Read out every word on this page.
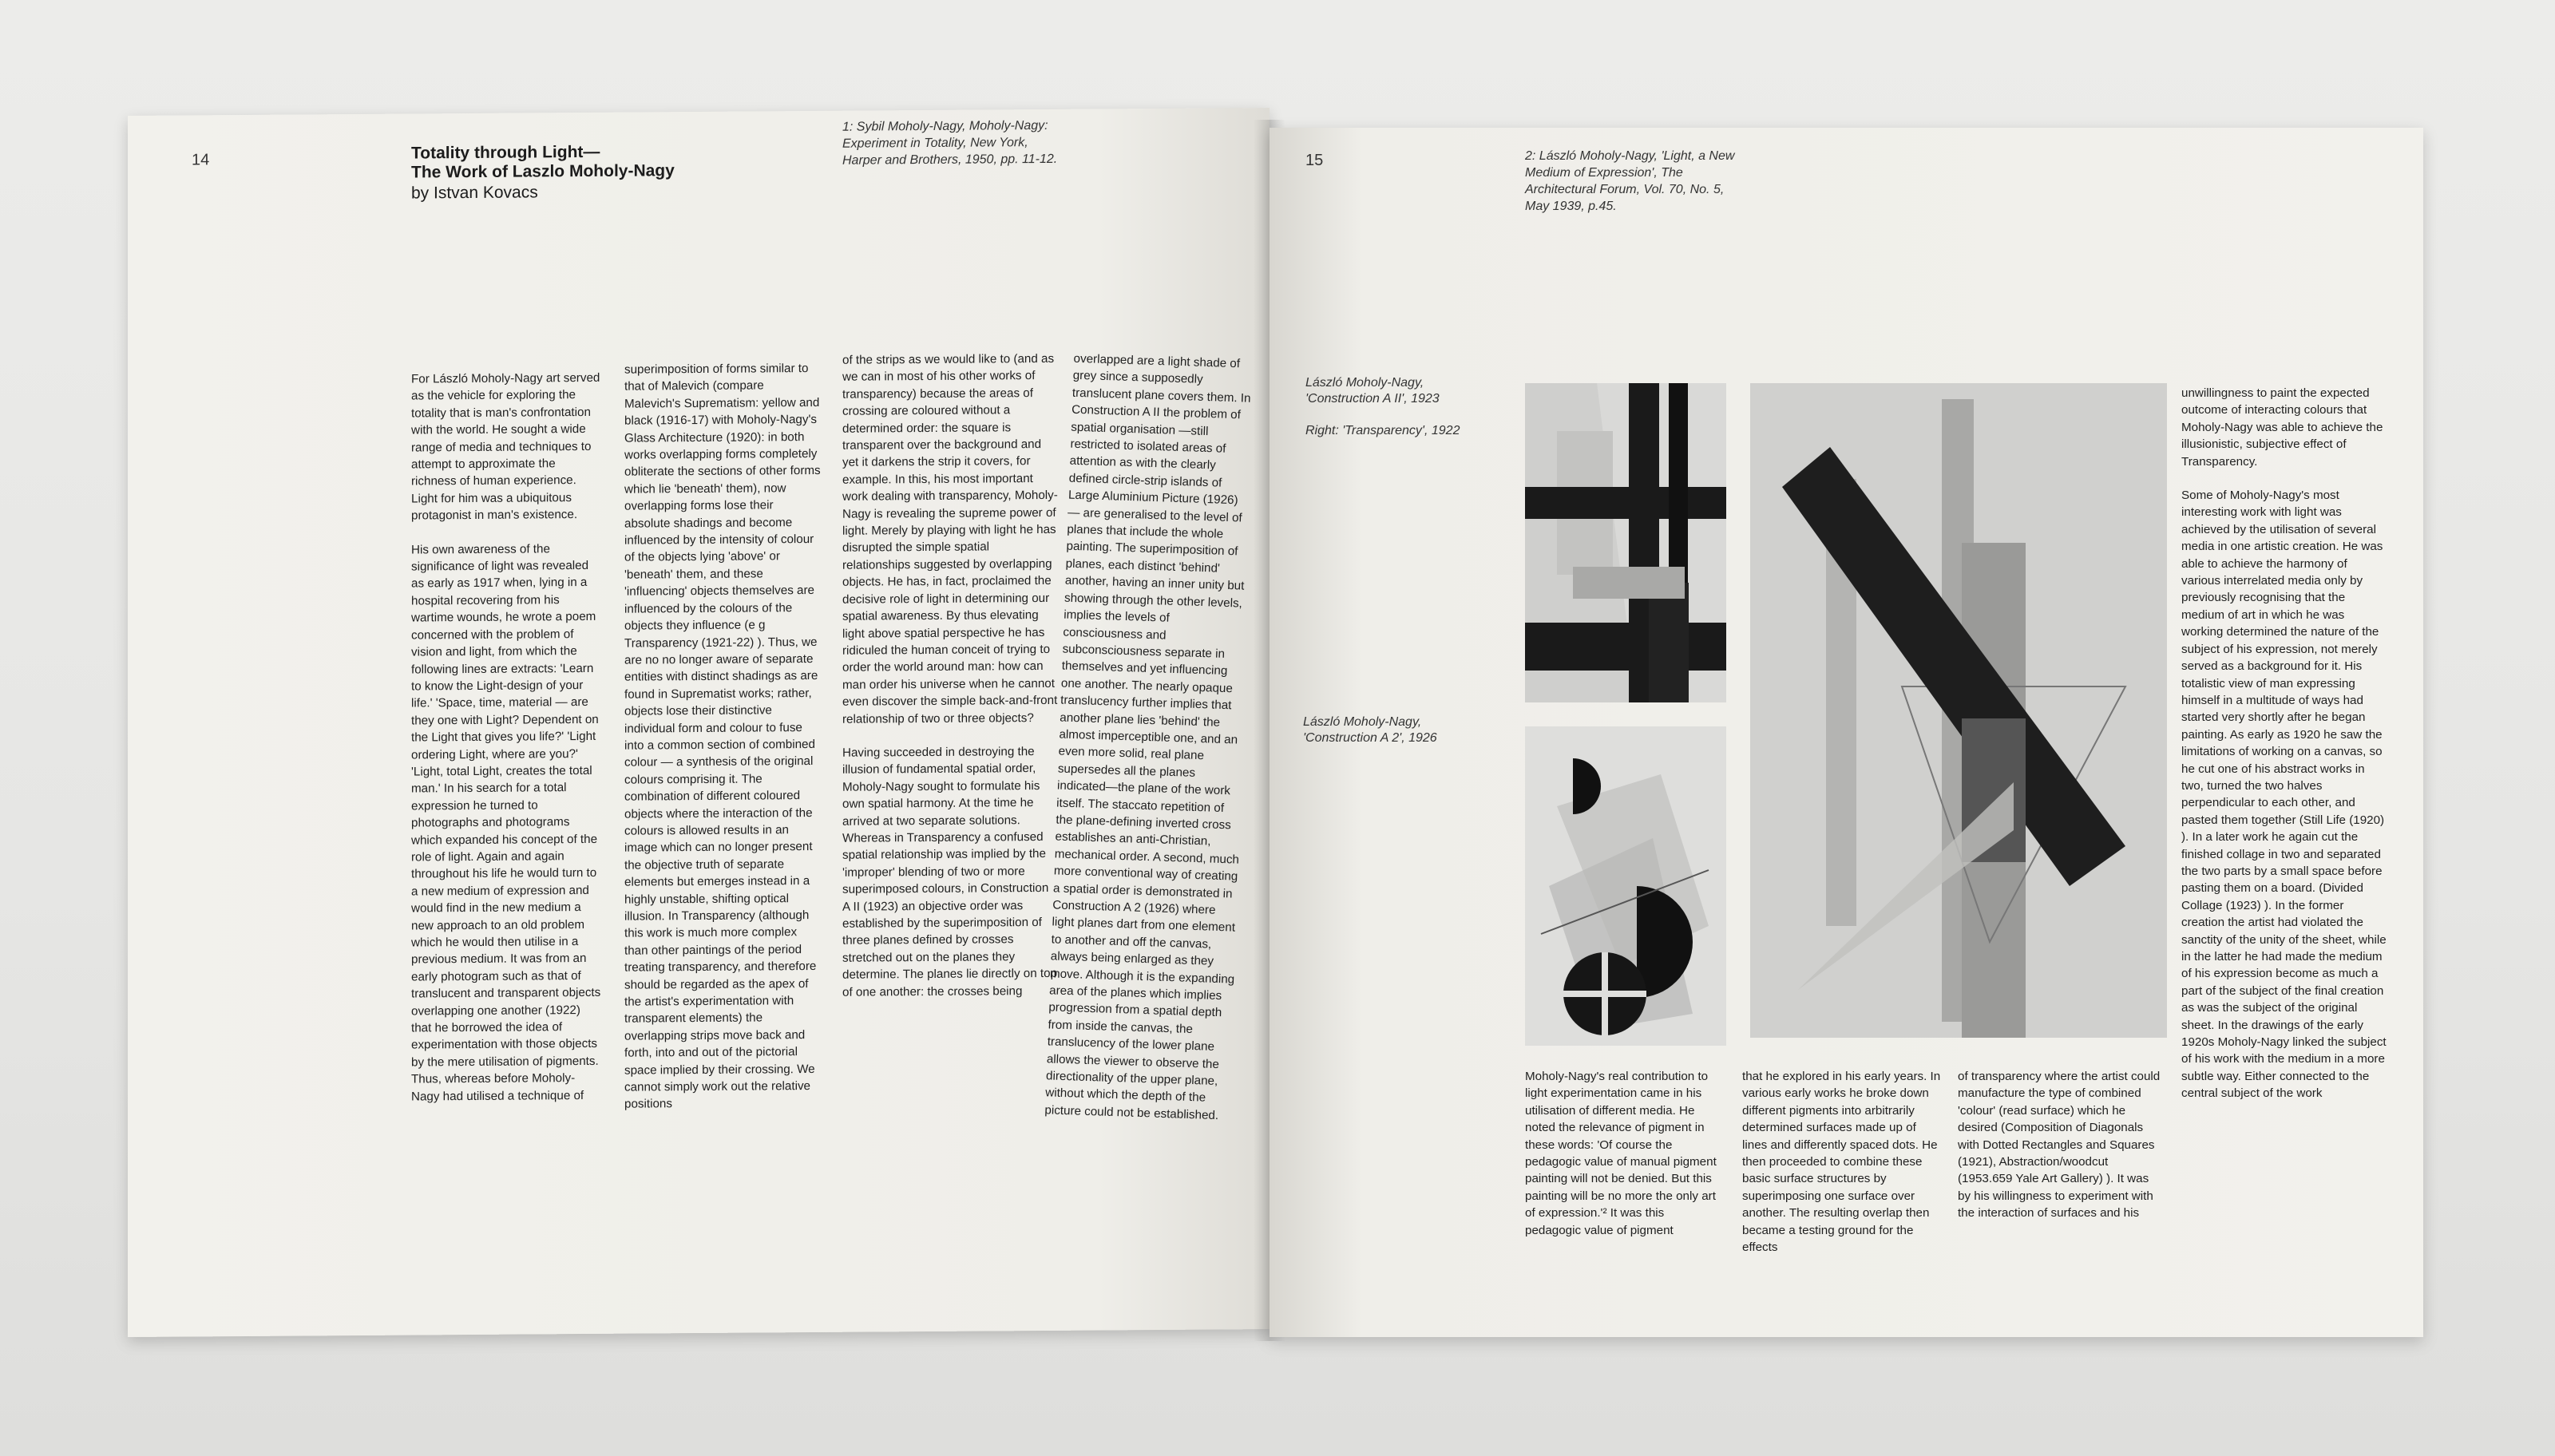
14	Totality through Light—
The Work of Laszlo Moholy-Nagy
by Istvan Kovacs
1: Sybil Moholy-Nagy, Moholy-Nagy: Experiment in Totality, New York, Harper and Brothers, 1950, pp. 11-12.

For László Moholy-Nagy art served as the vehicle for exploring the totality that is man's confrontation with the world. He sought a wide range of media and techniques to attempt to approximate the richness of human experience. Light for him was a ubiquitous protagonist in man's existence.

His own awareness of the significance of light was revealed as early as 1917 when, lying in a hospital recovering from his wartime wounds, he wrote a poem concerned with the problem of vision and light, from which the following lines are extracts: 'Learn to know the Light-design of your life.' 'Space, time, material — are they one with Light? Dependent on the Light that gives you life?' 'Light ordering Light, where are you?' 'Light, total Light, creates the total man.' In his search for a total expression he turned to photographs and photograms which expanded his concept of the role of light. Again and again throughout his life he would turn to a new medium of expression and would find in the new medium a new approach to an old problem which he would then utilise in a previous medium. It was from an early photogram such as that of translucent and transparent objects overlapping one another (1922) that he borrowed the idea of experimentation with those objects by the mere utilisation of pigments. Thus, whereas before Moholy-Nagy had utilised a technique of

superimposition of forms similar to that of Malevich (compare Malevich's Suprematism: yellow and black (1916-17) with Moholy-Nagy's Glass Architecture (1920): in both works overlapping forms completely obliterate the sections of other forms which lie 'beneath' them), now overlapping forms lose their absolute shadings and become influenced by the intensity of colour of the objects lying 'above' or 'beneath' them, and these 'influencing' objects themselves are influenced by the colours of the objects they influence (e g Transparency (1921-22) ). Thus, we are no no longer aware of separate entities with distinct shadings as are found in Suprematist works; rather, objects lose their distinctive individual form and colour to fuse into a common section of combined colour — a synthesis of the original colours comprising it. The combination of different coloured objects where the interaction of the colours is allowed results in an image which can no longer present the objective truth of separate elements but emerges instead in a highly unstable, shifting optical illusion. In Transparency (although this work is much more complex than other paintings of the period treating transparency, and therefore should be regarded as the apex of the artist's experimentation with transparent elements) the overlapping strips move back and forth, into and out of the pictorial space implied by their crossing. We cannot simply work out the relative positions

of the strips as we would like to (and as we can in most of his other works of transparency) because the areas of crossing are coloured without a determined order: the square is transparent over the background and yet it darkens the strip it covers, for example. In this, his most important work dealing with transparency, Moholy-Nagy is revealing the supreme power of light. Merely by playing with light he has disrupted the simple spatial relationships suggested by overlapping objects. He has, in fact, proclaimed the decisive role of light in determining our spatial awareness. By thus elevating light above spatial perspective he has ridiculed the human conceit of trying to order the world around man: how can man order his universe when he cannot even discover the simple back-and-front relationship of two or three objects?

Having succeeded in destroying the illusion of fundamental spatial order, Moholy-Nagy sought to formulate his own spatial harmony. At the time he arrived at two separate solutions. Whereas in Transparency a confused spatial relationship was implied by the 'improper' blending of two or more superimposed colours, in Construction A II (1923) an objective order was established by the superimposition of three planes defined by crosses stretched out on the planes they determine. The planes lie directly on top of one another: the crosses being

overlapped are a light shade of grey since a supposedly translucent plane covers them. In Construction A II the problem of spatial organisation —still restricted to isolated areas of attention as with the clearly defined circle-strip islands of Large Aluminium Picture (1926) — are generalised to the level of planes that include the whole painting. The superimposition of planes, each distinct 'behind' another, having an inner unity but showing through the other levels, implies the levels of consciousness and subconsciousness separate in themselves and yet influencing one another. The nearly opaque translucency further implies that another plane lies 'behind' the almost imperceptible one, and an even more solid, real plane supersedes all the planes indicated—the plane of the work itself. The staccato repetition of the plane-defining inverted cross establishes an anti-Christian, mechanical order. A second, much more conventional way of creating a spatial order is demonstrated in Construction A 2 (1926) where light planes dart from one element to another and off the canvas, always being enlarged as they move. Although it is the expanding area of the planes which implies progression from a spatial depth from inside the canvas, the translucency of the lower plane allows the viewer to observe the directionality of the upper plane, without which the depth of the picture could not be established.

15	2: László Moholy-Nagy, 'Light, a New Medium of Expression', The Architectural Forum, Vol. 70, No. 5, May 1939, p.45.
László Moholy-Nagy,
'Construction A II', 1923
Right: 'Transparency', 1922
László Moholy-Nagy,
'Construction A 2', 1926

Moholy-Nagy's real contribution to light experimentation came in his utilisation of different media. He noted the relevance of pigment in these words: 'Of course the pedagogic value of manual pigment painting will not be denied. But this painting will be no more the only art of expression.'² It was this pedagogic value of pigment

that he explored in his early years. In various early works he broke down different pigments into arbitrarily determined surfaces made up of lines and differently spaced dots. He then proceeded to combine these basic surface structures by superimposing one surface over another. The resulting overlap then became a testing ground for the effects

of transparency where the artist could manufacture the type of combined 'colour' (read surface) which he desired (Composition of Diagonals with Dotted Rectangles and Squares (1921), Abstraction/woodcut (1953.659 Yale Art Gallery) ). It was by his willingness to experiment with the interaction of surfaces and his

unwillingness to paint the expected outcome of interacting colours that Moholy-Nagy was able to achieve the illusionistic, subjective effect of Transparency.

Some of Moholy-Nagy's most interesting work with light was achieved by the utilisation of several media in one artistic creation. He was able to achieve the harmony of various interrelated media only by previously recognising that the medium of art in which he was working determined the nature of the subject of his expression, not merely served as a background for it. His totalistic view of man expressing himself in a multitude of ways had started very shortly after he began painting. As early as 1920 he saw the limitations of working on a canvas, so he cut one of his abstract works in two, turned the two halves perpendicular to each other, and pasted them together (Still Life (1920) ). In a later work he again cut the finished collage in two and separated the two parts by a small space before pasting them on a board. (Divided Collage (1923) ). In the former creation the artist had violated the sanctity of the unity of the sheet, while in the latter he had made the medium of his expression become as much a part of the subject of the final creation as was the subject of the original sheet. In the drawings of the early 1920s Moholy-Nagy linked the subject of his work with the medium in a more subtle way. Either connected to the central subject of the work
